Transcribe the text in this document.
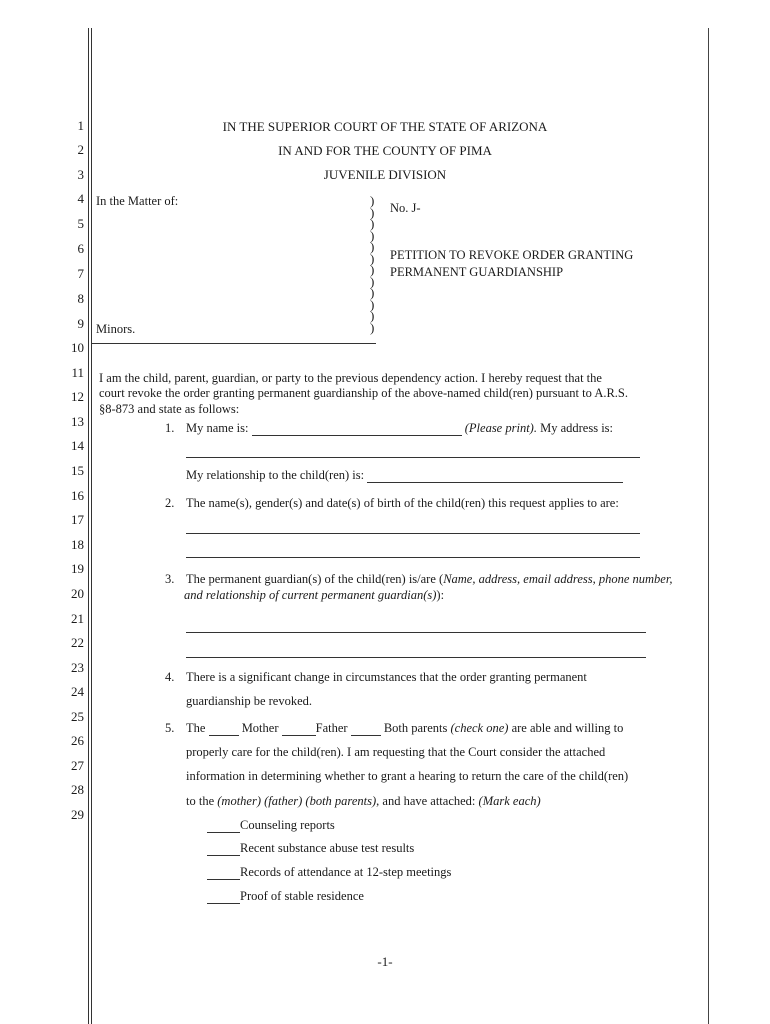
1
2
3
4
5
6
7
8
9
10
11
12
13
14
15
16
17
18
19
20
21
22
23
24
25
26
27
28
29
IN THE SUPERIOR COURT OF THE STATE OF ARIZONA
IN AND FOR THE COUNTY OF PIMA
JUVENILE DIVISION
In the Matter of:
Minors.
)
)
)
)
)
)
)
)
)
)
)
)
No. J-
PETITION TO REVOKE ORDER GRANTING
PERMANENT GUARDIANSHIP
I am the child, parent, guardian, or party to the previous dependency action. I hereby request that the
court revoke the order granting permanent guardianship of the above-named child(ren) pursuant to A.R.S.
§8-873 and state as follows:
1. My name is:	(Please print). My address is:
My relationship to the child(ren) is:
2. The name(s), gender(s) and date(s) of birth of the child(ren) this request applies to are:
3. The permanent guardian(s) of the child(ren) is/are (Name, address, email address, phone number,
and relationship of current permanent guardian(s)):
4. There is a significant change in circumstances that the order granting permanent
guardianship be revoked.
5. The	Mother	Father	Both parents (check one) are able and willing to
properly care for the child(ren). I am requesting that the Court consider the attached
information in determining whether to grant a hearing to return the care of the child(ren)
to the (mother) (father) (both parents), and have attached: (Mark each)
Counseling reports
Recent substance abuse test results
Records of attendance at 12-step meetings
Proof of stable residence
-1-
